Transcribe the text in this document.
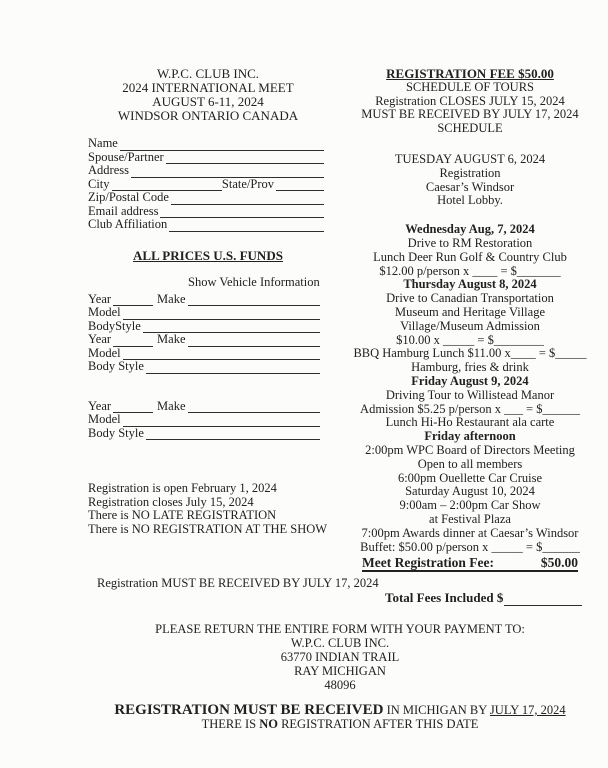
W.P.C. CLUB INC.
2024 INTERNATIONAL MEET
AUGUST 6-11, 2024
WINDSOR ONTARIO CANADA
Name
Spouse/Partner
Address
City	State/Prov
Zip/Postal Code
Email address
Club Affiliation
ALL PRICES U.S. FUNDS
Show Vehicle Information
Year	Make
Model
BodyStyle
Year	Make
Model
Body Style
Year	Make
Model
Body Style
Registration is open February 1, 2024
Registration closes July 15, 2024
There is NO LATE REGISTRATION
There is NO REGISTRATION AT THE SHOW
Registration MUST BE RECEIVED BY JULY 17, 2024
REGISTRATION FEE $50.00
SCHEDULE OF TOURS
Registration CLOSES JULY 15, 2024
MUST BE RECEIVED BY JULY 17, 2024
SCHEDULE
TUESDAY AUGUST 6, 2024
Registration
Caesar’s Windsor
Hotel Lobby.
Wednesday Aug, 7, 2024
Drive to RM Restoration
Lunch Deer Run Golf & Country Club
$12.00 p/person x ____ = $_______
Thursday August 8, 2024
Drive to Canadian Transportation
Museum and Heritage Village
Village/Museum Admission
$10.00 x _____ = $________
BBQ Hamburg Lunch $11.00 x____ = $_____
Hamburg, fries & drink
Friday August 9, 2024
Driving Tour to Willistead Manor
Admission $5.25 p/person x ___ = $______
Lunch Hi-Ho Restaurant ala carte
Friday afternoon
2:00pm WPC Board of Directors Meeting
Open to all members
6:00pm Ouellette Car Cruise
Saturday August 10, 2024
9:00am – 2:00pm Car Show
at Festival Plaza
7:00pm Awards dinner at Caesar’s Windsor
Buffet: $50.00 p/person x _____ = $______
Meet Registration Fee:	$50.00
Total Fees Included $
PLEASE RETURN THE ENTIRE FORM WITH YOUR PAYMENT TO:
W.P.C. CLUB INC.
63770 INDIAN TRAIL
RAY MICHIGAN
48096
REGISTRATION MUST BE RECEIVED IN MICHIGAN BY JULY 17, 2024
THERE IS NO REGISTRATION AFTER THIS DATE
